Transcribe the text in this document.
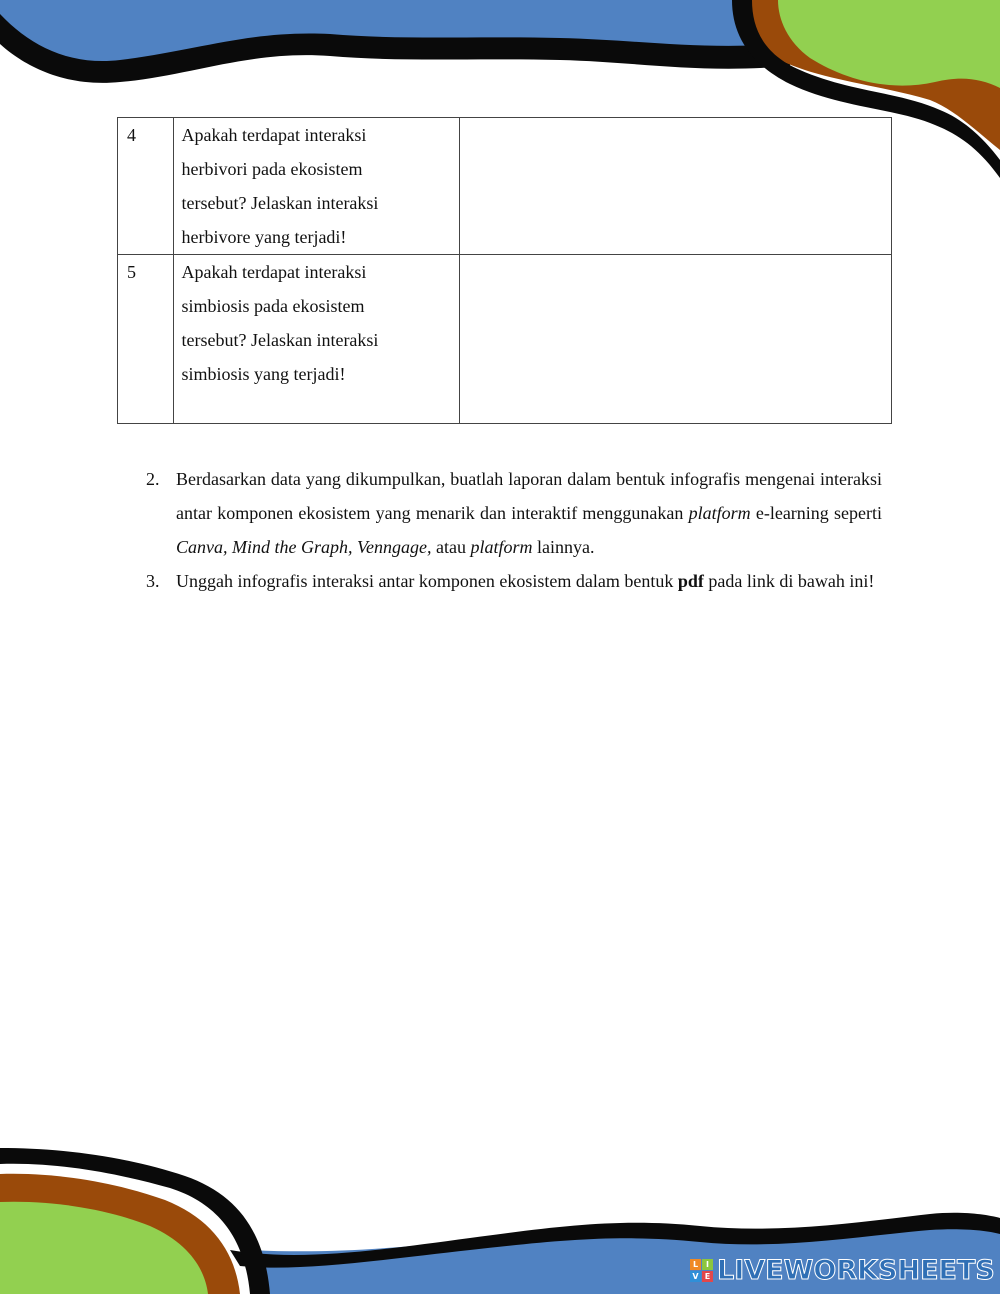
4	Apakah terdapat interaksi
herbivori pada ekosistem
tersebut? Jelaskan interaksi
herbivore yang terjadi!	

5	Apakah terdapat interaksi
simbiosis pada ekosistem
tersebut? Jelaskan interaksi
simbiosis yang terjadi!	

2. Berdasarkan data yang dikumpulkan, buatlah laporan dalam bentuk infografis mengenai interaksi antar komponen ekosistem yang menarik dan interaktif menggunakan platform e-learning seperti Canva, Mind the Graph, Venngage, atau platform lainnya.
3. Unggah infografis interaksi antar komponen ekosistem dalam bentuk pdf pada link di bawah ini!
L I
V E LIVEWORKSHEETS
